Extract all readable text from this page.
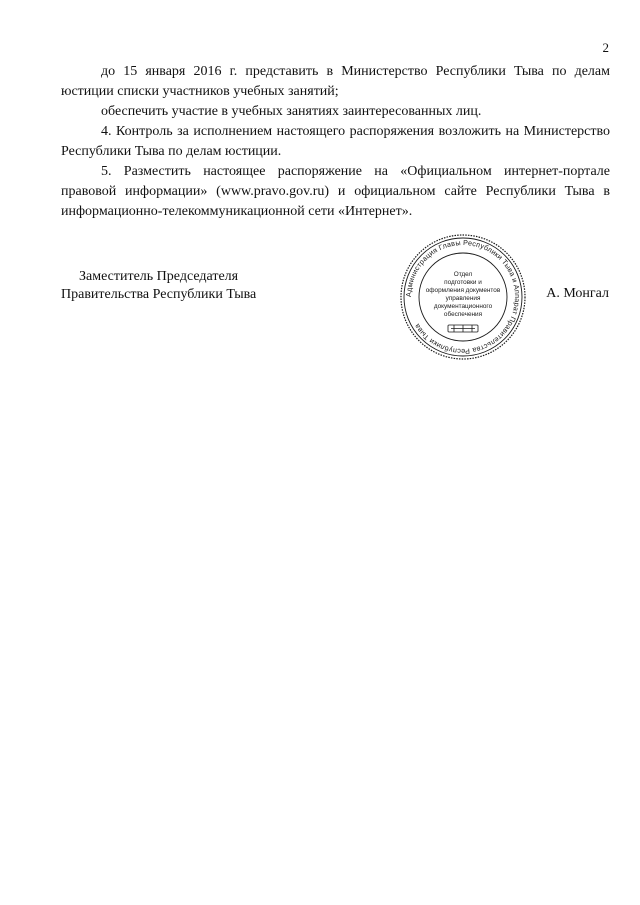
2

до 15 января 2016 г. представить в Министерство Республики Тыва по делам юстиции списки участников учебных занятий;

обеспечить участие в учебных занятиях заинтересованных лиц.

4. Контроль за исполнением настоящего распоряжения возложить на Министерство Республики Тыва по делам юстиции.

5. Разместить настоящее распоряжение на «Официальном интернет-портале правовой информации» (www.pravo.gov.ru) и официальном сайте Республики Тыва в информационно-телекоммуникационной сети «Интернет».

Заместитель Председателя
Правительства Республики Тыва	А. Монгал
Администрация Главы Республики Тыва и Аппарат Правительства Республики Тыва
Отдел
подготовки и
оформления документов
управления
документационного
обеспечения
